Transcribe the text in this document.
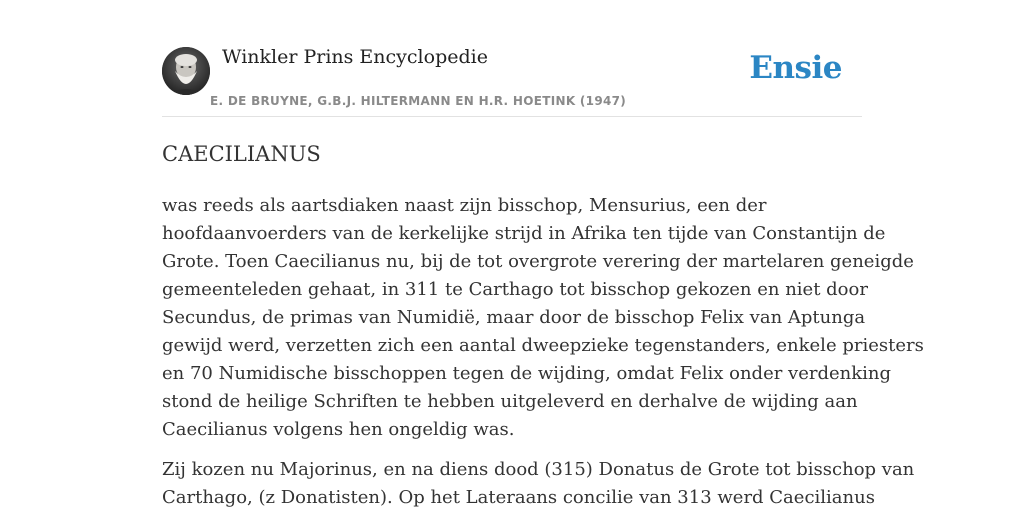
Winkler Prins Encyclopedie
E. DE BRUYNE, G.B.J. HILTERMANN EN H.R. HOETINK (1947)
Ensie
CAECILIANUS

was reeds als aartsdiaken naast zijn bisschop, Mensurius, een der
hoofdaanvoerders van de kerkelijke strijd in Afrika ten tijde van Constantijn de
Grote. Toen Caecilianus nu, bij de tot overgrote verering der martelaren geneigde
gemeenteleden gehaat, in 311 te Carthago tot bisschop gekozen en niet door
Secundus, de primas van Numidië, maar door de bisschop Felix van Aptunga
gewijd werd, verzetten zich een aantal dweepzieke tegenstanders, enkele priesters
en 70 Numidische bisschoppen tegen de wijding, omdat Felix onder verdenking
stond de heilige Schriften te hebben uitgeleverd en derhalve de wijding aan
Caecilianus volgens hen ongeldig was.

Zij kozen nu Majorinus, en na diens dood (315) Donatus de Grote tot bisschop van
Carthago, (z Donatisten). Op het Lateraans concilie van 313 werd Caecilianus
